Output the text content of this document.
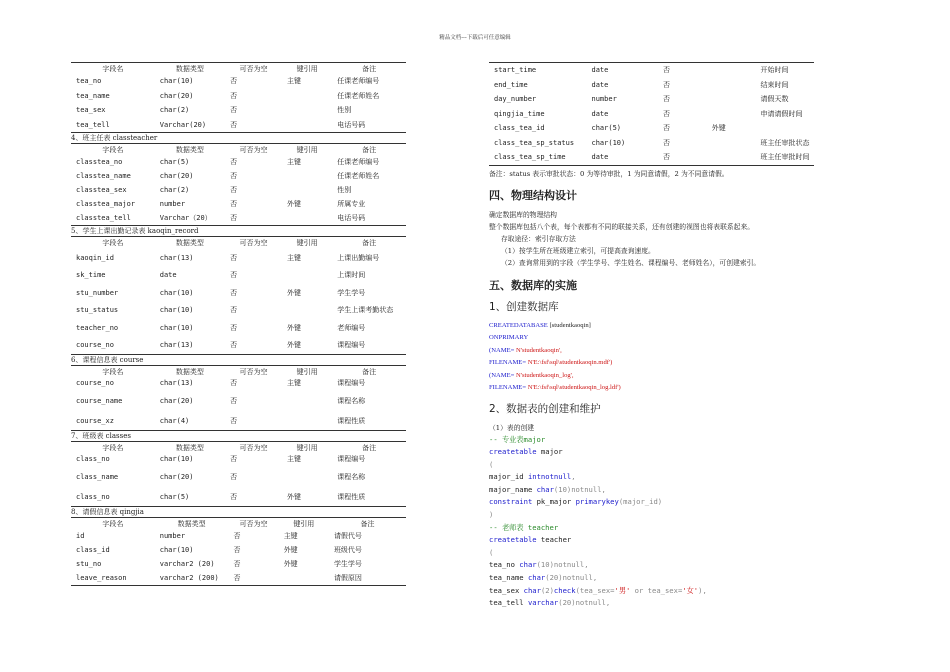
精品文档---下载后可任意编辑
字段名	数据类型	可否为空	键引用	备注
tea_no	char(10)	否	主键	任课老师编号
tea_name	char(20)	否		任课老师姓名
tea_sex	char(2)	否		性别
tea_tell	Varchar(20)	否		电话号码
4、班主任表 classteacher
字段名	数据类型	可否为空	键引用	备注
classtea_no	char(5)	否	主键	任课老师编号
classtea_name	char(20)	否		任课老师姓名
classtea_sex	char(2)	否		性别
classtea_major	number	否	外键	所属专业
classtea_tell	Varchar（20）	否		电话号码
5、学生上课出勤记录表 kaoqin_record
字段名	数据类型	可否为空	键引用	备注
kaoqin_id	char(13)	否	主键	上课出勤编号
sk_time	date	否		上课时间
stu_number	char(10)	否	外键	学生学号
stu_status	char(10)	否		学生上课考勤状态
teacher_no	char(10)	否	外键	老师编号
course_no	char(13)	否	外键	课程编号
6、课程信息表 course
字段名	数据类型	可否为空	键引用	备注
course_no	char(13)	否	主键	课程编号
course_name	char(20)	否		课程名称
course_xz	char(4)	否		课程性质
7、班级表 classes
字段名	数据类型	可否为空	键引用	备注
class_no	char(10)	否	主键	课程编号
class_name	char(20)	否		课程名称
class_no	char(5)	否	外键	课程性质
8、请假信息表 qingjia
字段名	数据类型	可否为空	键引用	备注
id	number	否	主键	请假代号
class_id	char(10)	否	外键	班级代号
stu_no	varchar2 (20)	否	外键	学生学号
leave_reason	varchar2 (200)	否		请假原因
start_time	date	否		开始时间
end_time	date	否		结束时间
day_number	number	否		请假天数
qingjia_time	date	否		申请请假时间
class_tea_id	char(5)	否	外键	
class_tea_sp_status	char(10)	否		班主任审批状态
class_tea_sp_time	date	否		班主任审批时间
备注：status 表示审批状态：0 为等待审批，1 为同意请假，2 为不同意请假。
四、物理结构设计
确定数据库的物理结构
整个数据库包括八个表，每个表都有不同的联接关系，还有创建的视图也将表联系起来。
存取途径：索引存取方法
（1）按学生所在班级建立索引，可提高查询速度。
（2）查询常用到的字段（学生学号、学生姓名、课程编号、老师姓名），可创建索引。
五、数据库的实施
1、创建数据库
CREATEDATABASE [studentkaoqin]
ONPRIMARY
(NAME= N'studentkaoqin',
FILENAME= N'E:\fsf\sql\studentkaoqin.mdf')
(NAME= N'studentkaoqin_log',
FILENAME= N'E:\fsf\sql\studentkaoqin_log.ldf')
2、数据表的创建和维护
（1）表的创建
-- 专业表major
createtable major
(
major_id intnotnull,
major_name char(10)notnull,
constraint pk_major primarykey(major_id)
)
-- 老师表 teacher
createtable teacher
(
tea_no char(10)notnull,
tea_name char(20)notnull,
tea_sex char(2)check(tea_sex='男' or tea_sex='女'),
tea_tell varchar(20)notnull,
